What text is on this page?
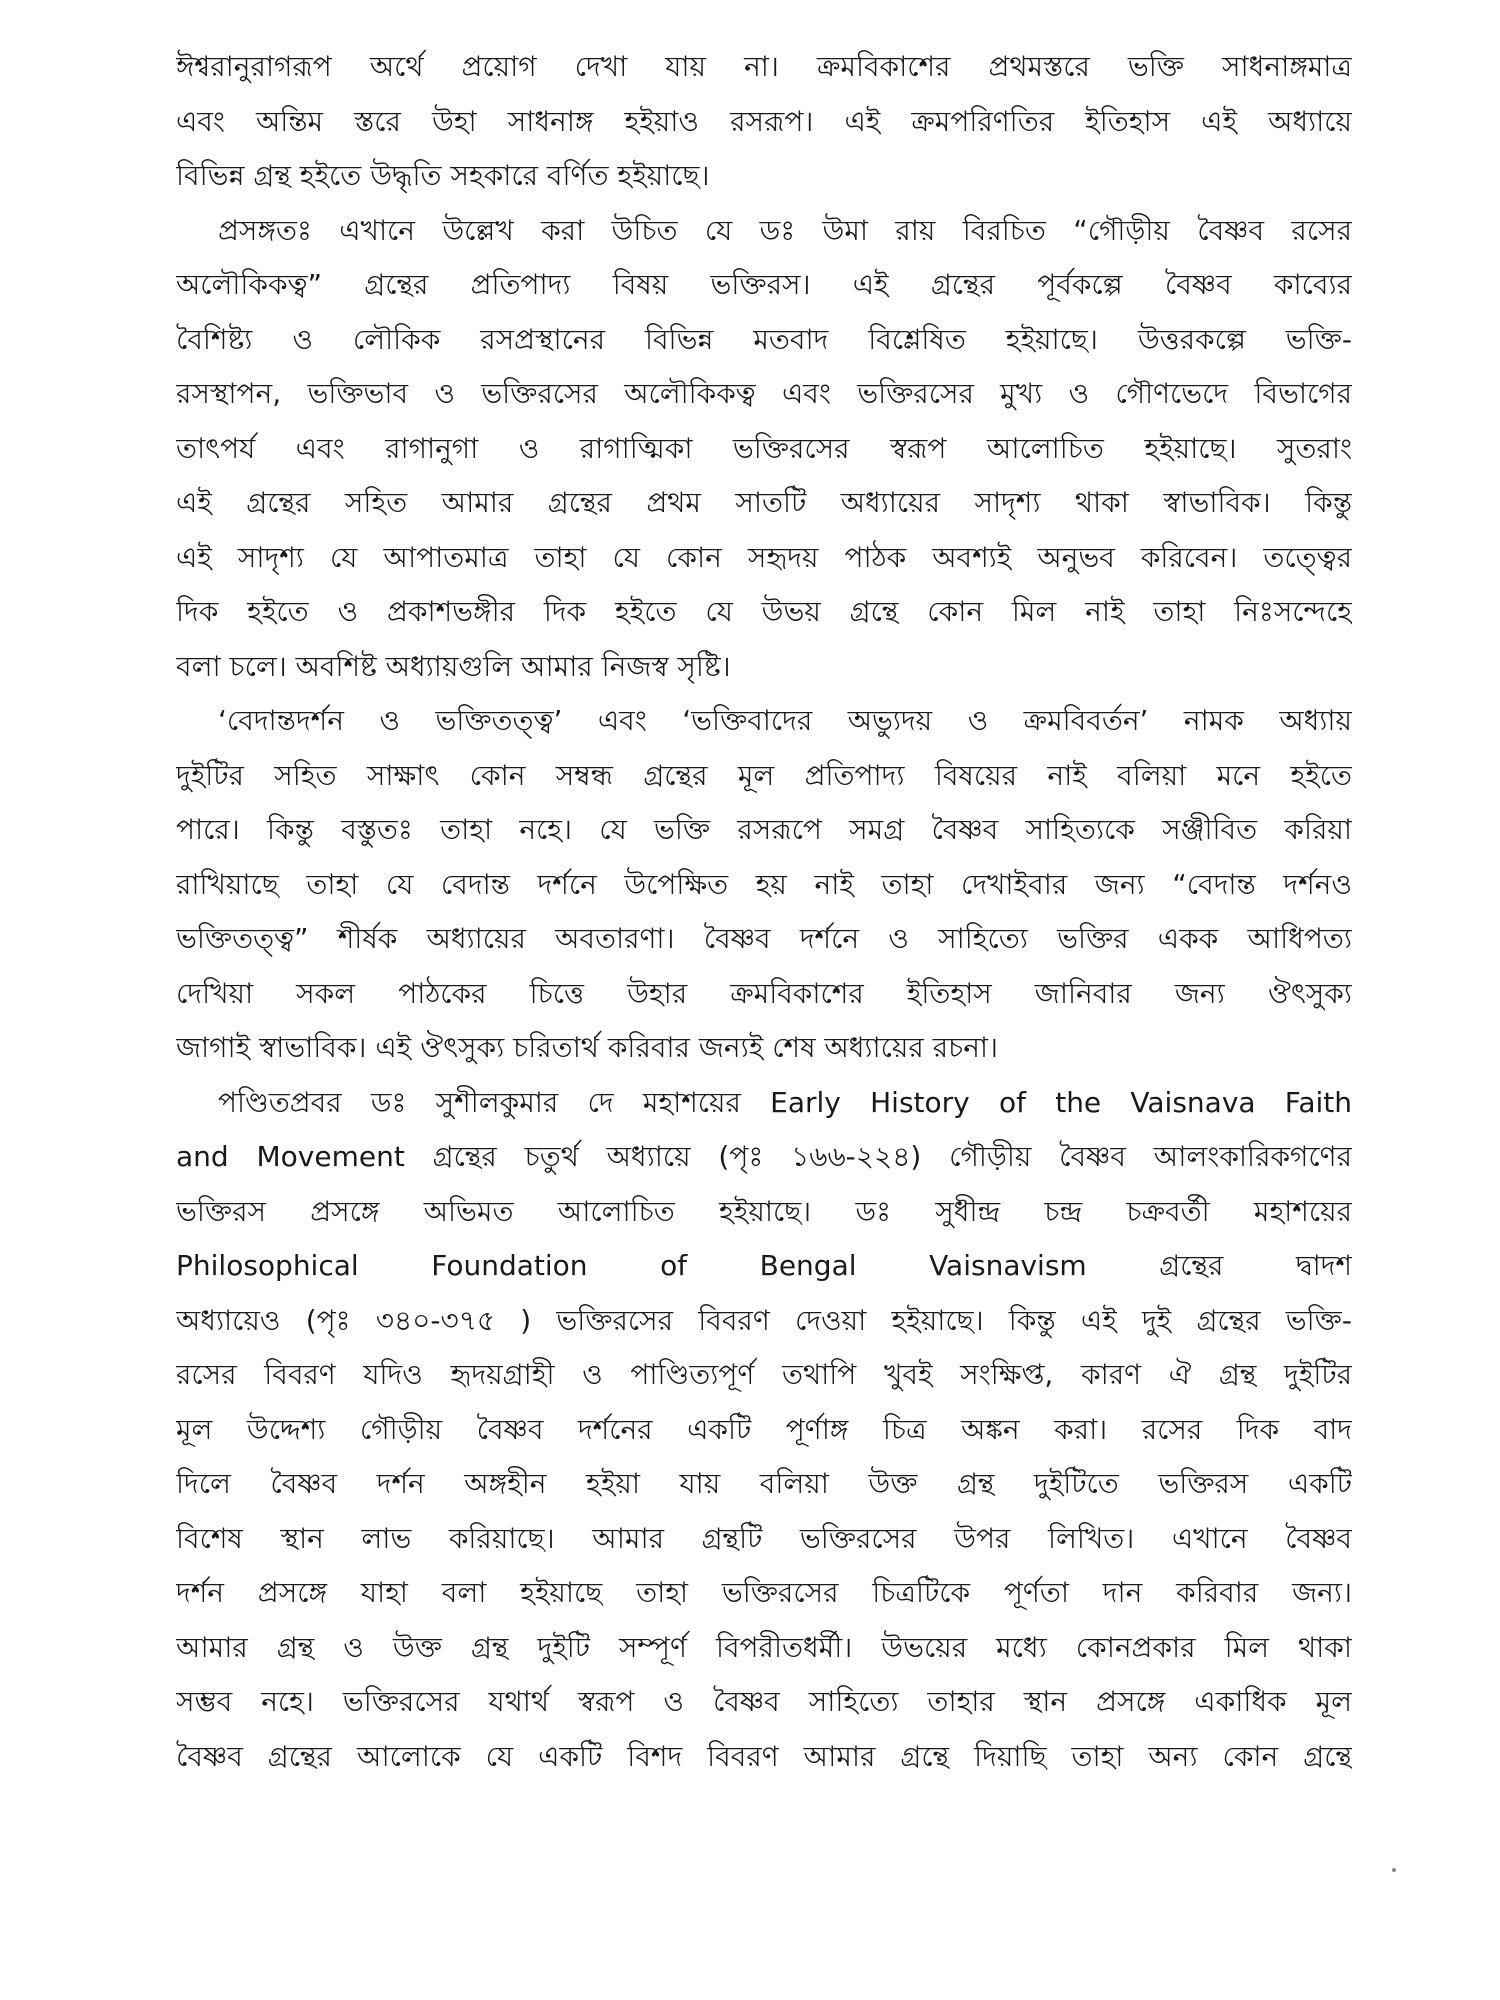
ঈশ্বরানুরাগরূপ অর্থে প্রয়োগ দেখা যায় না। ক্রমবিকাশের প্রথমস্তরে ভক্তি সাধনাঙ্গমাত্র
এবং অন্তিম স্তরে উহা সাধনাঙ্গ হইয়াও রসরূপ। এই ক্রমপরিণতির ইতিহাস এই অধ্যায়ে
বিভিন্ন গ্রন্থ হইতে উদ্ধৃতি সহকারে বর্ণিত হইয়াছে।

প্রসঙ্গতঃ এখানে উল্লেখ করা উচিত যে ডঃ উমা রায় বিরচিত “গৌড়ীয় বৈষ্ণব রসের
অলৌকিকত্ব” গ্রন্থের প্রতিপাদ্য বিষয় ভক্তিরস। এই গ্রন্থের পূর্বকল্পে বৈষ্ণব কাব্যের
বৈশিষ্ট্য ও লৌকিক রসপ্রস্থানের বিভিন্ন মতবাদ বিশ্লেষিত হইয়াছে। উত্তরকল্পে ভক্তি-
রসস্থাপন, ভক্তিভাব ও ভক্তিরসের অলৌকিকত্ব এবং ভক্তিরসের মুখ্য ও গৌণভেদে বিভাগের
তাৎপর্য এবং রাগানুগা ও রাগাত্মিকা ভক্তিরসের স্বরূপ আলোচিত হইয়াছে। সুতরাং
এই গ্রন্থের সহিত আমার গ্রন্থের প্রথম সাতটি অধ্যায়ের সাদৃশ্য থাকা স্বাভাবিক। কিন্তু
এই সাদৃশ্য যে আপাতমাত্র তাহা যে কোন সহৃদয় পাঠক অবশ্যই অনুভব করিবেন। তত্ত্বের
দিক হইতে ও প্রকাশভঙ্গীর দিক হইতে যে উভয় গ্রন্থে কোন মিল নাই তাহা নিঃসন্দেহে
বলা চলে। অবশিষ্ট অধ্যায়গুলি আমার নিজস্ব সৃষ্টি।

‘বেদান্তদর্শন ও ভক্তিতত্ত্ব’ এবং ‘ভক্তিবাদের অভ্যুদয় ও ক্রমবিবর্তন’ নামক অধ্যায়
দুইটির সহিত সাক্ষাৎ কোন সম্বন্ধ গ্রন্থের মূল প্রতিপাদ্য বিষয়ের নাই বলিয়া মনে হইতে
পারে। কিন্তু বস্তুতঃ তাহা নহে। যে ভক্তি রসরূপে সমগ্র বৈষ্ণব সাহিত্যকে সঞ্জীবিত করিয়া
রাখিয়াছে তাহা যে বেদান্ত দর্শনে উপেক্ষিত হয় নাই তাহা দেখাইবার জন্য “বেদান্ত দর্শনও
ভক্তিতত্ত্ব” শীর্ষক অধ্যায়ের অবতারণা। বৈষ্ণব দর্শনে ও সাহিত্যে ভক্তির একক আধিপত্য
দেখিয়া সকল পাঠকের চিত্তে উহার ক্রমবিকাশের ইতিহাস জানিবার জন্য ঔৎসুক্য
জাগাই স্বাভাবিক। এই ঔৎসুক্য চরিতার্থ করিবার জন্যই শেষ অধ্যায়ের রচনা।

পণ্ডিতপ্রবর ডঃ সুশীলকুমার দে মহাশয়ের Early History of the Vaisnava Faith
and Movement গ্রন্থের চতুর্থ অধ্যায়ে (পৃঃ ১৬৬-২২৪) গৌড়ীয় বৈষ্ণব আলংকারিকগণের
ভক্তিরস প্রসঙ্গে অভিমত আলোচিত হইয়াছে। ডঃ সুধীন্দ্র চন্দ্র চক্রবর্তী মহাশয়ের
Philosophical Foundation of Bengal Vaisnavism গ্রন্থের দ্বাদশ
অধ্যায়েও (পৃঃ ৩৪০-৩৭৫ ) ভক্তিরসের বিবরণ দেওয়া হইয়াছে। কিন্তু এই দুই গ্রন্থের ভক্তি-
রসের বিবরণ যদিও হৃদয়গ্রাহী ও পাণ্ডিত্যপূর্ণ তথাপি খুবই সংক্ষিপ্ত, কারণ ঐ গ্রন্থ দুইটির
মূল উদ্দেশ্য গৌড়ীয় বৈষ্ণব দর্শনের একটি পূর্ণাঙ্গ চিত্র অঙ্কন করা। রসের দিক বাদ
দিলে বৈষ্ণব দর্শন অঙ্গহীন হইয়া যায় বলিয়া উক্ত গ্রন্থ দুইটিতে ভক্তিরস একটি
বিশেষ স্থান লাভ করিয়াছে। আমার গ্রন্থটি ভক্তিরসের উপর লিখিত। এখানে বৈষ্ণব
দর্শন প্রসঙ্গে যাহা বলা হইয়াছে তাহা ভক্তিরসের চিত্রটিকে পূর্ণতা দান করিবার জন্য।
আমার গ্রন্থ ও উক্ত গ্রন্থ দুইটি সম্পূর্ণ বিপরীতধর্মী। উভয়ের মধ্যে কোনপ্রকার মিল থাকা
সম্ভব নহে। ভক্তিরসের যথার্থ স্বরূপ ও বৈষ্ণব সাহিত্যে তাহার স্থান প্রসঙ্গে একাধিক মূল
বৈষ্ণব গ্রন্থের আলোকে যে একটি বিশদ বিবরণ আমার গ্রন্থে দিয়াছি তাহা অন্য কোন গ্রন্থে
